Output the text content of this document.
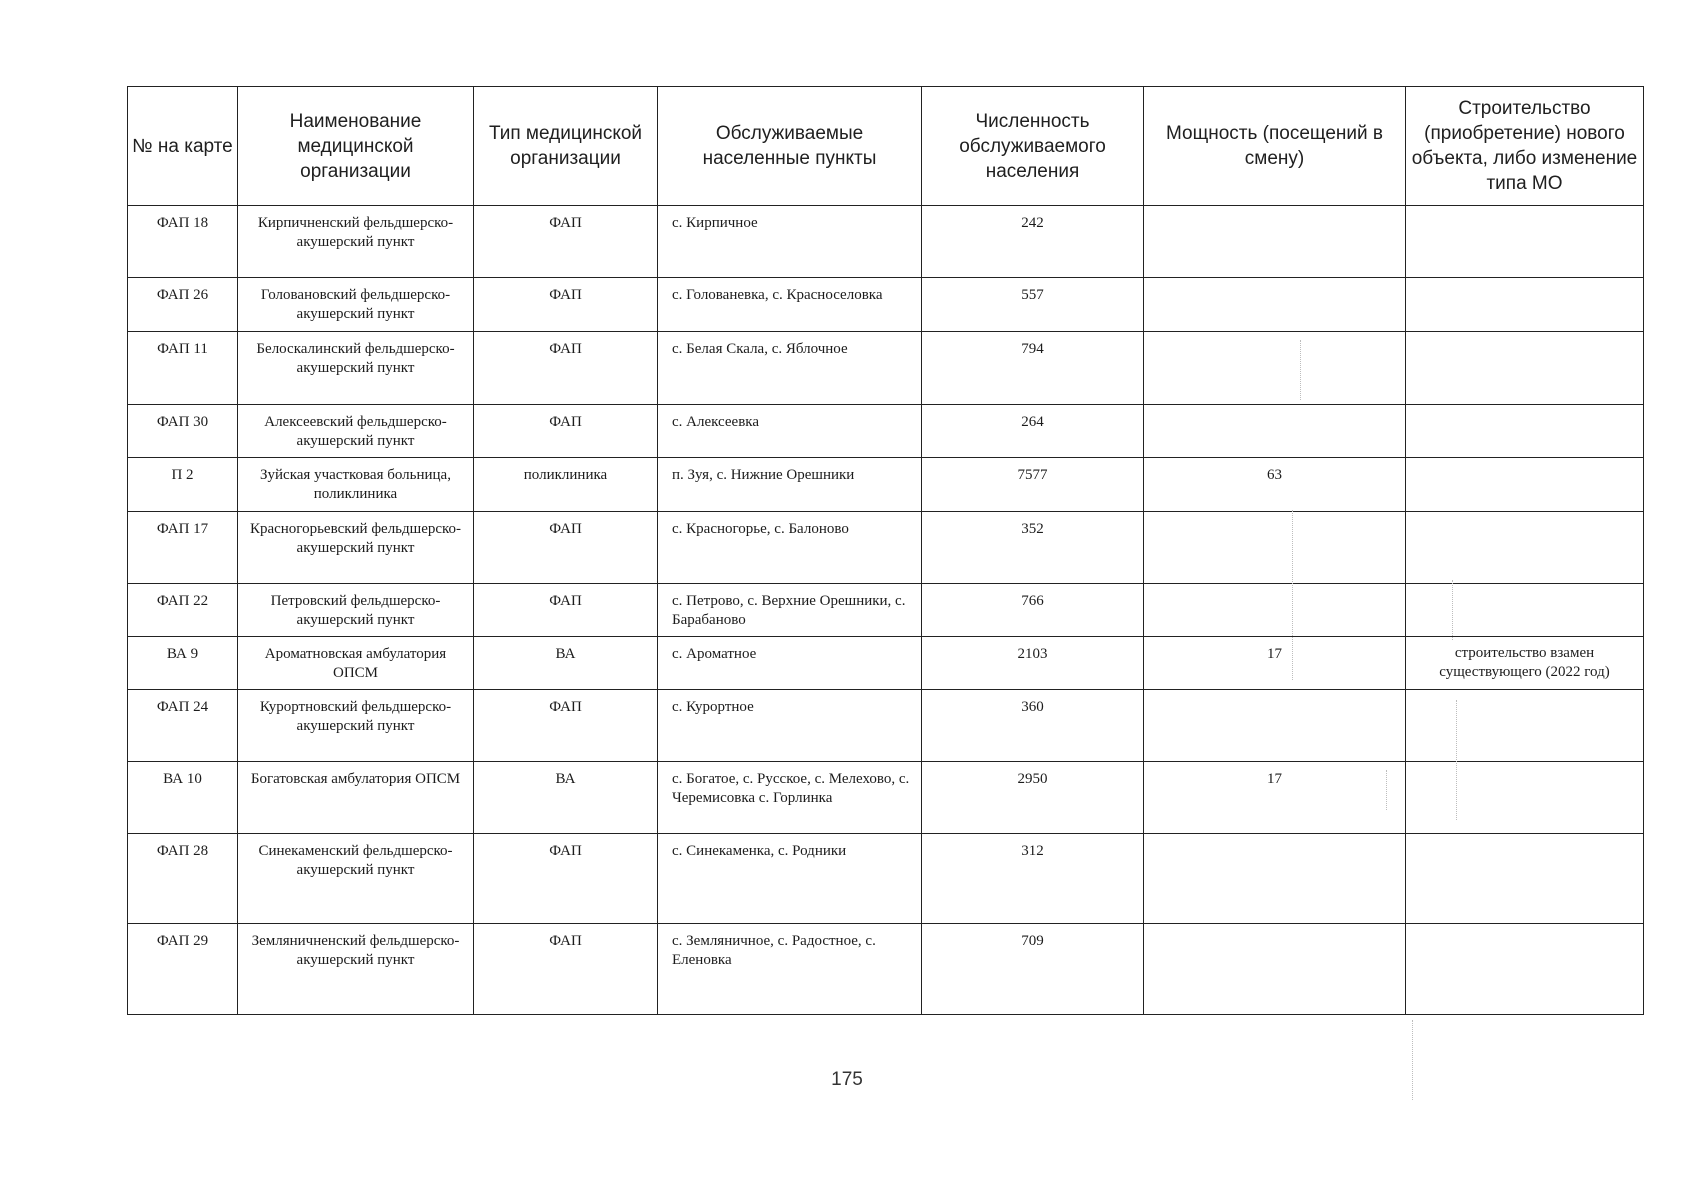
№ на карте	Наименование медицинской организации	Тип медицинской организации	Обслуживаемые населенные пункты	Численность обслуживаемого населения	Мощность (посещений в смену)	Строительство (приобретение) нового объекта, либо изменение типа МО

ФАП 18	Кирпичненский фельдшерско- акушерский пункт	ФАП	с. Кирпичное	242		

ФАП 26	Головановский фельдшерско-акушерский пункт	ФАП	с. Голованевка, с. Красноселовка	557		

ФАП 11	Белоскалинский фельдшерско- акушерский пункт	ФАП	с. Белая Скала, с. Яблочное	794		

ФАП 30	Алексеевский фельдшерско-акушерский пункт	ФАП	с. Алексеевка	264		

П 2	Зуйская участковая больница, поликлиника	поликлиника	п. Зуя, с. Нижние Орешники	7577	63	

ФАП 17	Красногорьевский фельдшерско- акушерский пункт	ФАП	с. Красногорье, с. Балоново	352		

ФАП 22	Петровский фельдшерско-акушерский пункт	ФАП	с. Петрово, с. Верхние Орешники, с. Барабаново	766		

ВА 9	Ароматновская амбулатория ОПСМ	ВА	с. Ароматное	2103	17	строительство взамен существующего (2022 год)

ФАП 24	Курортновский фельдшерско- акушерский пункт	ФАП	с. Курортное	360		

ВА 10	Богатовская амбулатория ОПСМ	ВА	с. Богатое, с. Русское, с. Мелехово, с. Черемисовка с. Горлинка	2950	17	

ФАП 28	Синекаменский фельдшерско- акушерский пункт	ФАП	с. Синекаменка, с. Родники	312		

ФАП 29	Земляничненский фельдшерско- акушерский пункт	ФАП	с. Земляничное, с. Радостное, с. Еленовка	709		

175
